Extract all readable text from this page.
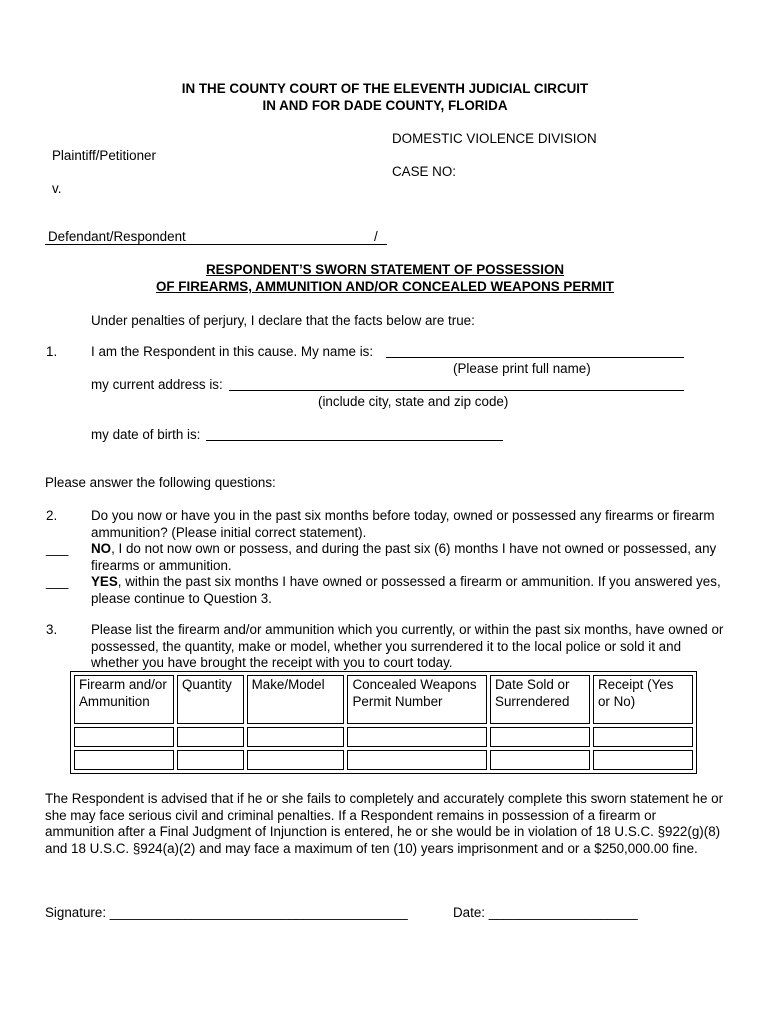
IN THE COUNTY COURT OF THE ELEVENTH JUDICIAL CIRCUIT
IN AND FOR DADE COUNTY, FLORIDA
DOMESTIC VIOLENCE DIVISION
Plaintiff/Petitioner
CASE NO:
v.
Defendant/Respondent	/
RESPONDENT’S SWORN STATEMENT OF POSSESSION
OF FIREARMS, AMMUNITION AND/OR CONCEALED WEAPONS PERMIT
Under penalties of perjury, I declare that the facts below are true:
1.	I am the Respondent in this cause. My name is:
(Please print full name)
my current address is:
(include city, state and zip code)
my date of birth is:
Please answer the following questions:
2.	Do you now or have you in the past six months before today, owned or possessed any firearms or firearm ammunition? (Please initial correct statement).
___ NO, I do not now own or possess, and during the past six (6) months I have not owned or possessed, any firearms or ammunition.
___ YES, within the past six months I have owned or possessed a firearm or ammunition. If you answered yes, please continue to Question 3.
3.	Please list the firearm and/or ammunition which you currently, or within the past six months, have owned or possessed, the quantity, make or model, whether you surrendered it to the local police or sold it and whether you have brought the receipt with you to court today.
Firearm and/or Ammunition	Quantity	Make/Model	Concealed Weapons Permit Number	Date Sold or Surrendered	Receipt (Yes or No)

The Respondent is advised that if he or she fails to completely and accurately complete this sworn statement he or she may face serious civil and criminal penalties. If a Respondent remains in possession of a firearm or ammunition after a Final Judgment of Injunction is entered, he or she would be in violation of 18 U.S.C. §922(g)(8) and 18 U.S.C. §924(a)(2) and may face a maximum of ten (10) years imprisonment and or a $250,000.00 fine.
Signature: ________________________________________	Date: ____________________
